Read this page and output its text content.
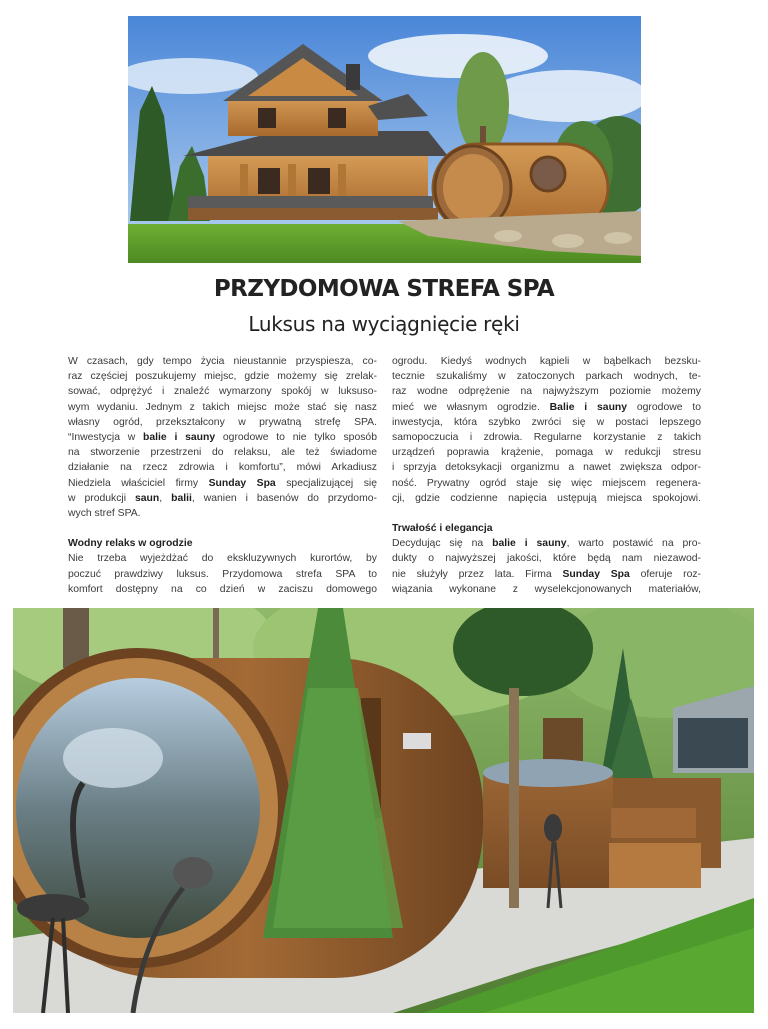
PRZYDOMOWA STREFA SPA
Luksus na wyciągnięcie ręki

W czasach, gdy tempo życia nieustannie przyspiesza, co-
raz częściej poszukujemy miejsc, gdzie możemy się zrelak-
sować, odprężyć i znaleźć wymarzony spokój w luksuso-
wym wydaniu. Jednym z takich miejsc może stać się nasz
własny ogród, przekształcony w prywatną strefę SPA.
“Inwestycja w balie i sauny ogrodowe to nie tylko sposób
na stworzenie przestrzeni do relaksu, ale też świadome
działanie na rzecz zdrowia i komfortu”, mówi Arkadiusz
Niedziela właściciel firmy Sunday Spa specjalizującej się
w produkcji saun, balii, wanien i basenów do przydomo-
wych stref SPA.

Wodny relaks w ogrodzie

Nie trzeba wyjeżdżać do ekskluzywnych kurortów, by
poczuć prawdziwy luksus. Przydomowa strefa SPA to
komfort dostępny na co dzień w zaciszu domowego

ogrodu. Kiedyś wodnych kąpieli w bąbelkach bezsku-
tecznie szukaliśmy w zatoczonych parkach wodnych, te-
raz wodne odprężenie na najwyższym poziomie możemy
mieć we własnym ogrodzie. Balie i sauny ogrodowe to
inwestycja, która szybko zwróci się w postaci lepszego
samopoczucia i zdrowia. Regularne korzystanie z takich
urządzeń poprawia krążenie, pomaga w redukcji stresu
i sprzyja detoksykacji organizmu a nawet zwiększa odpor-
ność. Prywatny ogród staje się więc miejscem regenera-
cji, gdzie codzienne napięcia ustępują miejsca spokojowi.

Trwałość i elegancja

Decydując się na balie i sauny, warto postawić na pro-
dukty o najwyższej jakości, które będą nam niezawod-
nie służyły przez lata. Firma Sunday Spa oferuje roz-
wiązania wykonane z wyselekcjonowanych materiałów,
